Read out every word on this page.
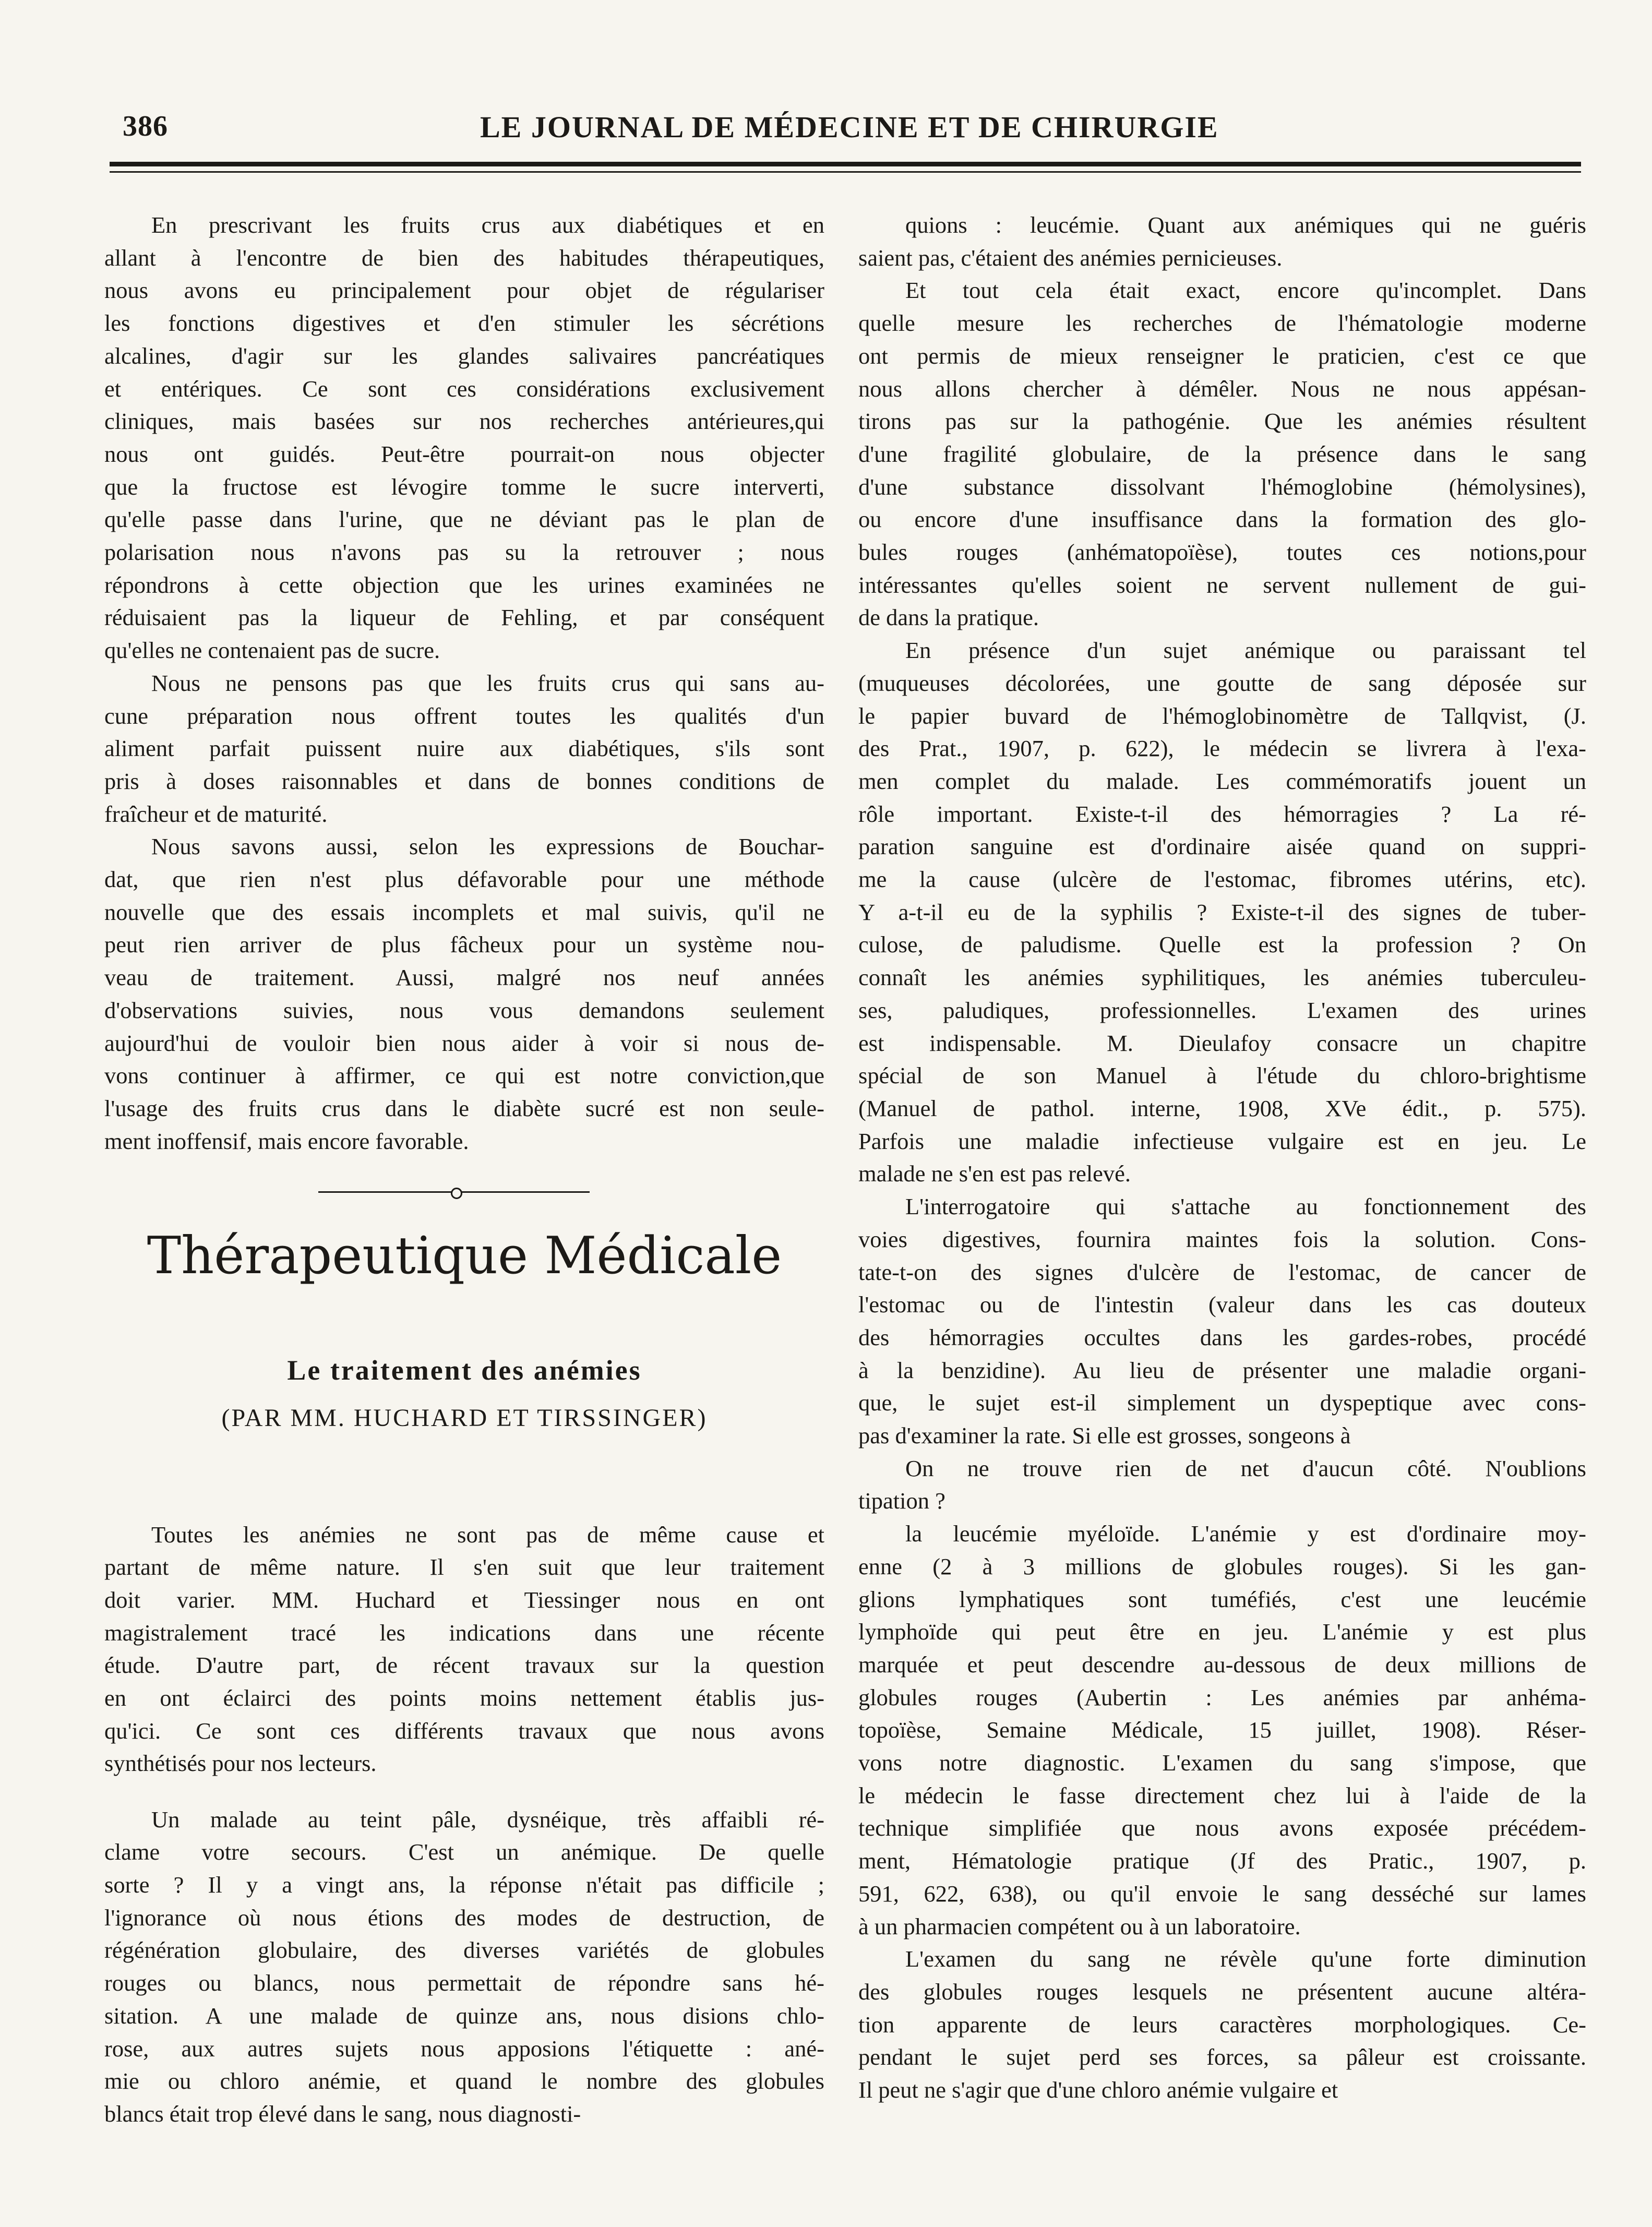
386	LE JOURNAL DE MÉDECINE ET DE CHIRURGIE

En prescrivant les fruits crus aux diabétiques et en
allant à l'encontre de bien des habitudes thérapeutiques,
nous avons eu principalement pour objet de régulariser
les fonctions digestives et d'en stimuler les sécrétions
alcalines, d'agir sur les glandes salivaires pancréatiques
et entériques. Ce sont ces considérations exclusivement
cliniques, mais basées sur nos recherches antérieures,qui
nous ont guidés. Peut-être pourrait-on nous objecter
que la fructose est lévogire tomme le sucre interverti,
qu'elle passe dans l'urine, que ne déviant pas le plan de
polarisation nous n'avons pas su la retrouver ; nous
répondrons à cette objection que les urines examinées ne
réduisaient pas la liqueur de Fehling, et par conséquent
qu'elles ne contenaient pas de sucre.

Nous ne pensons pas que les fruits crus qui sans au-
cune préparation nous offrent toutes les qualités d'un
aliment parfait puissent nuire aux diabétiques, s'ils sont
pris à doses raisonnables et dans de bonnes conditions de
fraîcheur et de maturité.

Nous savons aussi, selon les expressions de Bouchar-
dat, que rien n'est plus défavorable pour une méthode
nouvelle que des essais incomplets et mal suivis, qu'il ne
peut rien arriver de plus fâcheux pour un système nou-
veau de traitement. Aussi, malgré nos neuf années
d'observations suivies, nous vous demandons seulement
aujourd'hui de vouloir bien nous aider à voir si nous de-
vons continuer à affirmer, ce qui est notre conviction,que
l'usage des fruits crus dans le diabète sucré est non seule-
ment inoffensif, mais encore favorable.

Thérapeutique Médicale
Le traitement des anémies
(PAR MM. HUCHARD ET TIRSSINGER)

Toutes les anémies ne sont pas de même cause et
partant de même nature. Il s'en suit que leur traitement
doit varier. MM. Huchard et Tiessinger nous en ont
magistralement tracé les indications dans une récente
étude. D'autre part, de récent travaux sur la question
en ont éclairci des points moins nettement établis jus-
qu'ici. Ce sont ces différents travaux que nous avons
synthétisés pour nos lecteurs.

Un malade au teint pâle, dysnéique, très affaibli ré-
clame votre secours. C'est un anémique. De quelle
sorte ? Il y a vingt ans, la réponse n'était pas difficile ;
l'ignorance où nous étions des modes de destruction, de
régénération globulaire, des diverses variétés de globules
rouges ou blancs, nous permettait de répondre sans hé-
sitation. A une malade de quinze ans, nous disions chlo-
rose, aux autres sujets nous apposions l'étiquette : ané-
mie ou chloro anémie, et quand le nombre des globules
blancs était trop élevé dans le sang, nous diagnosti-

quions : leucémie. Quant aux anémiques qui ne guéris
saient pas, c'étaient des anémies pernicieuses.

Et tout cela était exact, encore qu'incomplet. Dans
quelle mesure les recherches de l'hématologie moderne
ont permis de mieux renseigner le praticien, c'est ce que
nous allons chercher à démêler. Nous ne nous appésan-
tirons pas sur la pathogénie. Que les anémies résultent
d'une fragilité globulaire, de la présence dans le sang
d'une substance dissolvant l'hémoglobine (hémolysines),
ou encore d'une insuffisance dans la formation des glo-
bules rouges (anhématopoïèse), toutes ces notions,pour
intéressantes qu'elles soient ne servent nullement de gui-
de dans la pratique.

En présence d'un sujet anémique ou paraissant tel
(muqueuses décolorées, une goutte de sang déposée sur
le papier buvard de l'hémoglobinomètre de Tallqvist, (J.
des Prat., 1907, p. 622), le médecin se livrera à l'exa-
men complet du malade. Les commémoratifs jouent un
rôle important. Existe-t-il des hémorragies ? La ré-
paration sanguine est d'ordinaire aisée quand on suppri-
me la cause (ulcère de l'estomac, fibromes utérins, etc).
Y a-t-il eu de la syphilis ? Existe-t-il des signes de tuber-
culose, de paludisme. Quelle est la profession ? On
connaît les anémies syphilitiques, les anémies tuberculeu-
ses, paludiques, professionnelles. L'examen des urines
est indispensable. M. Dieulafoy consacre un chapitre
spécial de son Manuel à l'étude du chloro-brightisme
(Manuel de pathol. interne, 1908, XVe édit., p. 575).
Parfois une maladie infectieuse vulgaire est en jeu. Le
malade ne s'en est pas relevé.

L'interrogatoire qui s'attache au fonctionnement des
voies digestives, fournira maintes fois la solution. Cons-
tate-t-on des signes d'ulcère de l'estomac, de cancer de
l'estomac ou de l'intestin (valeur dans les cas douteux
des hémorragies occultes dans les gardes-robes, procédé
à la benzidine). Au lieu de présenter une maladie organi-
que, le sujet est-il simplement un dyspeptique avec cons-
pas d'examiner la rate. Si elle est grosses, songeons à

On ne trouve rien de net d'aucun côté. N'oublions
tipation ?

la leucémie myéloïde. L'anémie y est d'ordinaire moy-
enne (2 à 3 millions de globules rouges). Si les gan-
glions lymphatiques sont tuméfiés, c'est une leucémie
lymphoïde qui peut être en jeu. L'anémie y est plus
marquée et peut descendre au-dessous de deux millions de
globules rouges (Aubertin : Les anémies par anhéma-
topoïèse, Semaine Médicale, 15 juillet, 1908). Réser-
vons notre diagnostic. L'examen du sang s'impose, que
le médecin le fasse directement chez lui à l'aide de la
technique simplifiée que nous avons exposée précédem-
ment, Hématologie pratique (Jf des Pratic., 1907, p.
591, 622, 638), ou qu'il envoie le sang desséché sur lames
à un pharmacien compétent ou à un laboratoire.

L'examen du sang ne révèle qu'une forte diminution
des globules rouges lesquels ne présentent aucune altéra-
tion apparente de leurs caractères morphologiques. Ce-
pendant le sujet perd ses forces, sa pâleur est croissante.
Il peut ne s'agir que d'une chloro anémie vulgaire et
